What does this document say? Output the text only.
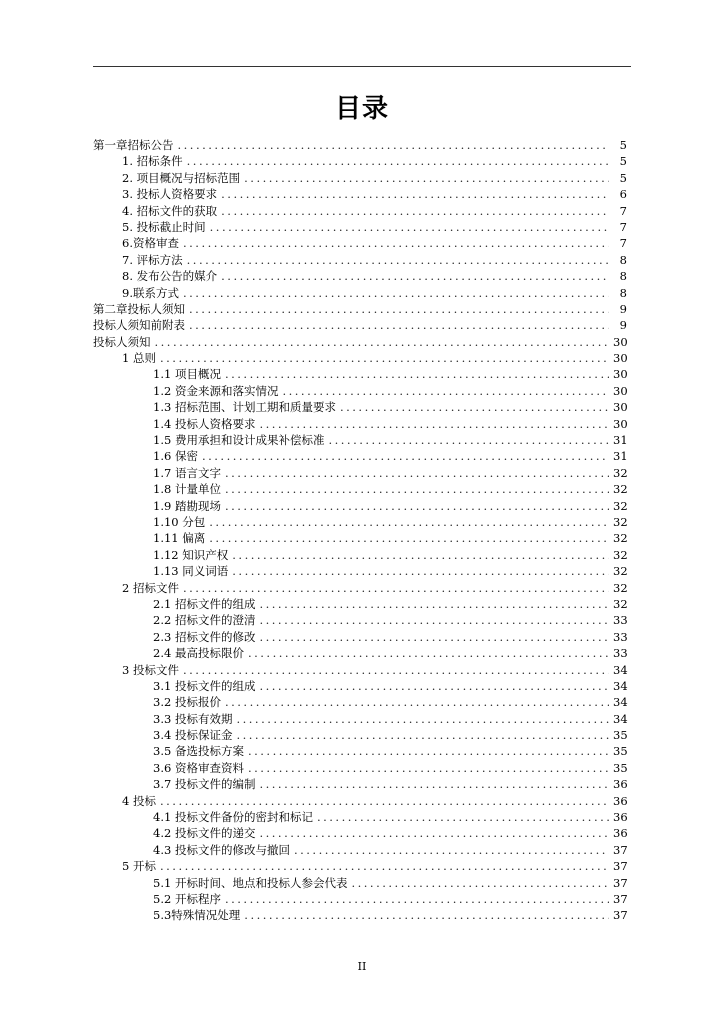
目录
第一章招标公告 .....	5
1. 招标条件 .....	5
2. 项目概况与招标范围 .....	5
3. 投标人资格要求 .....	6
4. 招标文件的获取 .....	7
5. 投标截止时间 .....	7
6.资格审查 .....	7
7. 评标方法 .....	8
8. 发布公告的媒介 .....	8
9.联系方式 .....	8
第二章投标人须知 .....	9
投标人须知前附表 .....	9
投标人须知 .....	30
1 总则 .....	30
1.1 项目概况 .....	30
1.2 资金来源和落实情况 .....	30
1.3 招标范围、计划工期和质量要求 .....	30
1.4 投标人资格要求 .....	30
1.5 费用承担和设计成果补偿标准 .....	31
1.6 保密 .....	31
1.7 语言文字 .....	32
1.8 计量单位 .....	32
1.9 踏勘现场 .....	32
1.10 分包 .....	32
1.11 偏离 .....	32
1.12 知识产权 .....	32
1.13 同义词语 .....	32
2 招标文件 .....	32
2.1 招标文件的组成 .....	32
2.2 招标文件的澄清 .....	33
2.3 招标文件的修改 .....	33
2.4 最高投标限价 .....	33
3 投标文件 .....	34
3.1 投标文件的组成 .....	34
3.2 投标报价 .....	34
3.3 投标有效期 .....	34
3.4 投标保证金 .....	35
3.5 备选投标方案 .....	35
3.6 资格审查资料 .....	35
3.7 投标文件的编制 .....	36
4 投标 .....	36
4.1 投标文件备份的密封和标记 .....	36
4.2 投标文件的递交 .....	36
4.3 投标文件的修改与撤回 .....	37
5 开标 .....	37
5.1 开标时间、地点和投标人参会代表 .....	37
5.2 开标程序 .....	37
5.3特殊情况处理 .....	37
II
